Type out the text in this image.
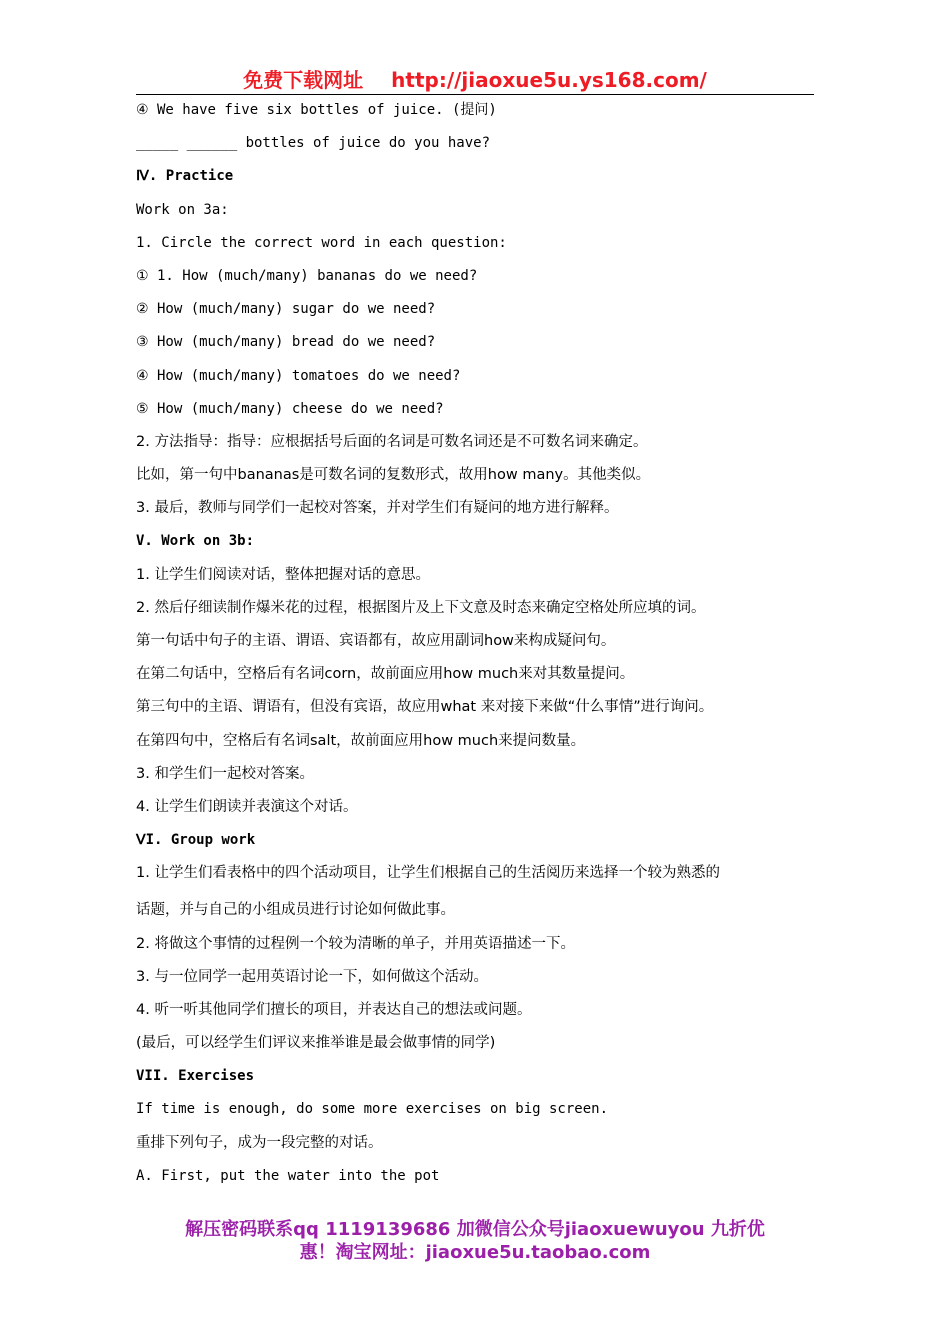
免费下载网址 http://jiaoxue5u.ys168.com/
④ We have five six bottles of juice. (提问)
_____ ______ bottles of juice do you have?
Ⅳ. Practice
Work on 3a:
1. Circle the correct word in each question:
① 1. How (much/many) bananas do we need?
② How (much/many) sugar do we need?
③ How (much/many) bread do we need?
④ How (much/many) tomatoes do we need?
⑤ How (much/many) cheese do we need?
2. 方法指导：指导：应根据括号后面的名词是可数名词还是不可数名词来确定。
比如，第一句中bananas是可数名词的复数形式，故用how many。其他类似。
3. 最后，教师与同学们一起校对答案，并对学生们有疑问的地方进行解释。
V. Work on 3b:
1. 让学生们阅读对话，整体把握对话的意思。
2. 然后仔细读制作爆米花的过程，根据图片及上下文意及时态来确定空格处所应填的词。
第一句话中句子的主语、谓语、宾语都有，故应用副词how来构成疑问句。
在第二句话中，空格后有名词corn，故前面应用how much来对其数量提问。
第三句中的主语、谓语有，但没有宾语，故应用what 来对接下来做“什么事情”进行询问。
在第四句中，空格后有名词salt，故前面应用how much来提问数量。
3. 和学生们一起校对答案。
4. 让学生们朗读并表演这个对话。
ⅤI. Group work
1. 让学生们看表格中的四个活动项目，让学生们根据自己的生活阅历来选择一个较为熟悉的
话题，并与自己的小组成员进行讨论如何做此事。
2. 将做这个事情的过程例一个较为清晰的单子，并用英语描述一下。
3. 与一位同学一起用英语讨论一下，如何做这个活动。
4. 听一听其他同学们擅长的项目，并表达自己的想法或问题。
(最后，可以经学生们评议来推举谁是最会做事情的同学)
VII. Exercises
If time is enough, do some more exercises on big screen.
重排下列句子，成为一段完整的对话。
A. First, put the water into the pot
解压密码联系qq 1119139686 加微信公众号jiaoxuewuyou 九折优
惠！淘宝网址：jiaoxue5u.taobao.com
